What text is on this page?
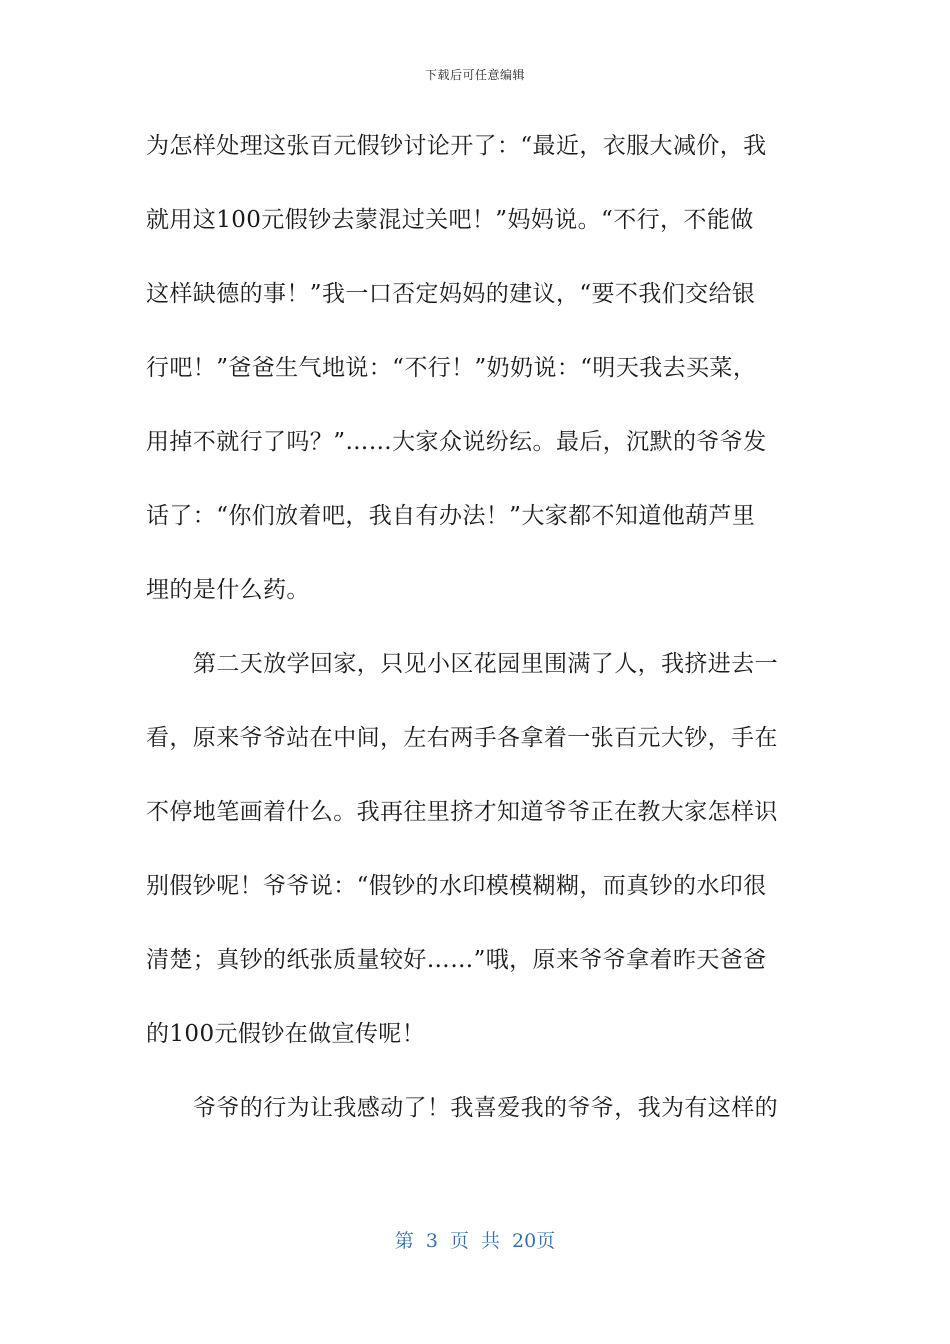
下载后可任意编辑
为怎样处理这张百元假钞讨论开了：“最近，衣服大减价，我
就用这100元假钞去蒙混过关吧！”妈妈说。“不行，不能做
这样缺德的事！”我一口否定妈妈的建议，“要不我们交给银
行吧！”爸爸生气地说：“不行！”奶奶说：“明天我去买菜，
用掉不就行了吗？”……大家众说纷纭。最后，沉默的爷爷发
话了：“你们放着吧，我自有办法！”大家都不知道他葫芦里
埋的是什么药。
第二天放学回家，只见小区花园里围满了人，我挤进去一
看，原来爷爷站在中间，左右两手各拿着一张百元大钞，手在
不停地笔画着什么。我再往里挤才知道爷爷正在教大家怎样识
别假钞呢！爷爷说：“假钞的水印模模糊糊，而真钞的水印很
清楚；真钞的纸张质量较好……”哦，原来爷爷拿着昨天爸爸
的100元假钞在做宣传呢！
爷爷的行为让我感动了！我喜爱我的爷爷，我为有这样的
第 3 页 共 20页
